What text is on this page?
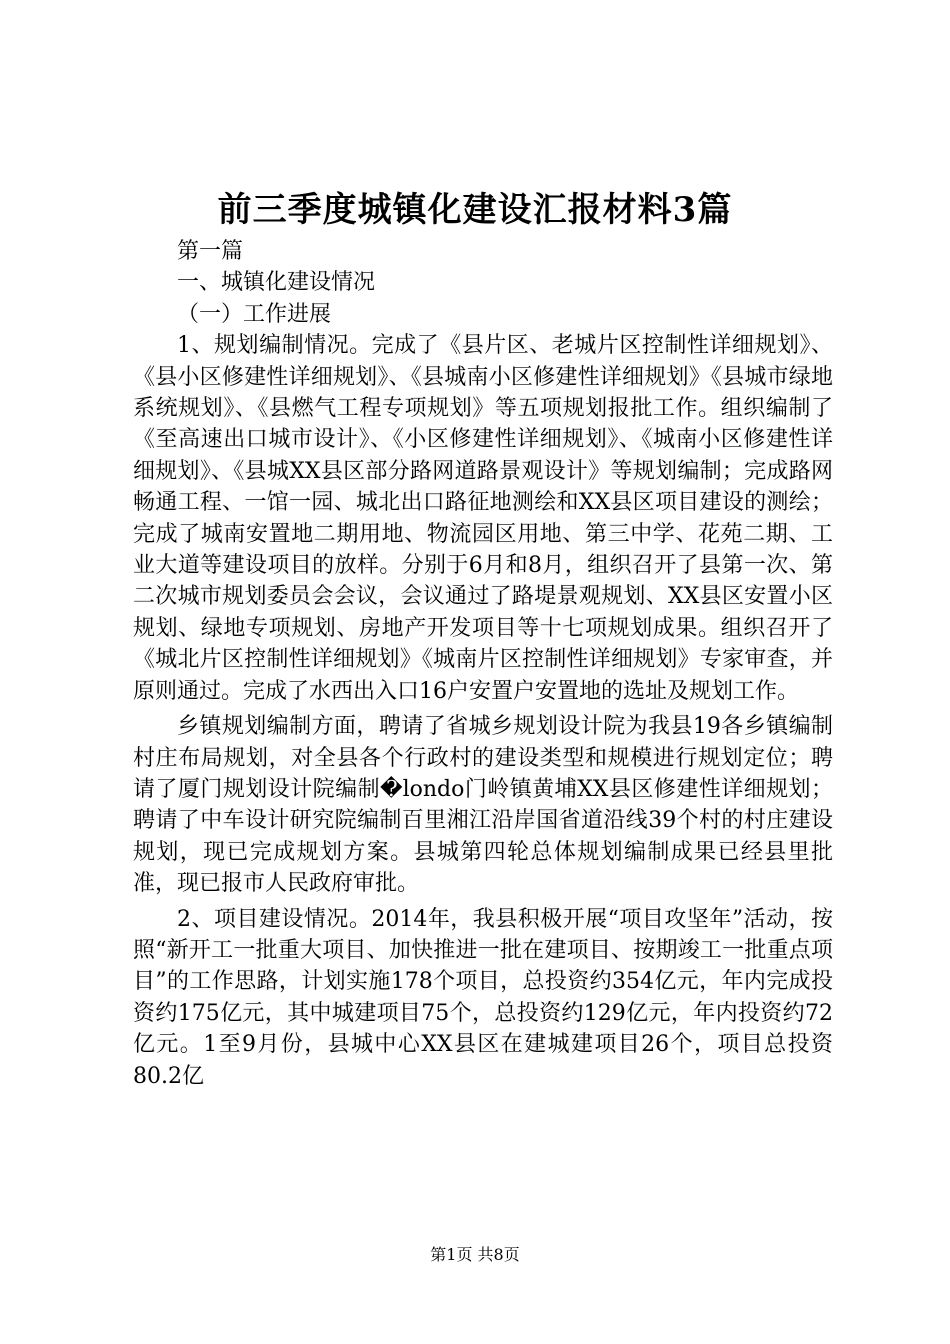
前三季度城镇化建设汇报材料3篇

第一篇

一、城镇化建设情况

（一）工作进展

1、规划编制情况。完成了《县片区、老城片区控制性详细规划》、《县小区修建性详细规划》、《县城南小区修建性详细规划》《县城市绿地系统规划》、《县燃气工程专项规划》等五项规划报批工作。组织编制了《至高速出口城市设计》、《小区修建性详细规划》、《城南小区修建性详细规划》、《县城XX县区部分路网道路景观设计》等规划编制；完成路网畅通工程、一馆一园、城北出口路征地测绘和XX县区项目建设的测绘；完成了城南安置地二期用地、物流园区用地、第三中学、花苑二期、工业大道等建设项目的放样。分别于6月和8月，组织召开了县第一次、第二次城市规划委员会会议，会议通过了路堤景观规划、XX县区安置小区规划、绿地专项规划、房地产开发项目等十七项规划成果。组织召开了《城北片区控制性详细规划》《城南片区控制性详细规划》专家审查，并原则通过。完成了水西出入口16户安置户安置地的选址及规划工作。

乡镇规划编制方面，聘请了省城乡规划设计院为我县19各乡镇编制村庄布局规划，对全县各个行政村的建设类型和规模进行规划定位；聘请了厦门规划设计院编制�londo门岭镇黄埔XX县区修建性详细规划；聘请了中车设计研究院编制百里湘江沿岸国省道沿线39个村的村庄建设规划，现已完成规划方案。县城第四轮总体规划编制成果已经县里批准，现已报市人民政府审批。

2、项目建设情况。2014年，我县积极开展“项目攻坚年”活动，按照“新开工一批重大项目、加快推进一批在建项目、按期竣工一批重点项目”的工作思路，计划实施178个项目，总投资约354亿元，年内完成投资约175亿元，其中城建项目75个，总投资约129亿元，年内投资约72亿元。1至9月份，县城中心XX县区在建城建项目26个，项目总投资80.2亿

第1页 共8页
